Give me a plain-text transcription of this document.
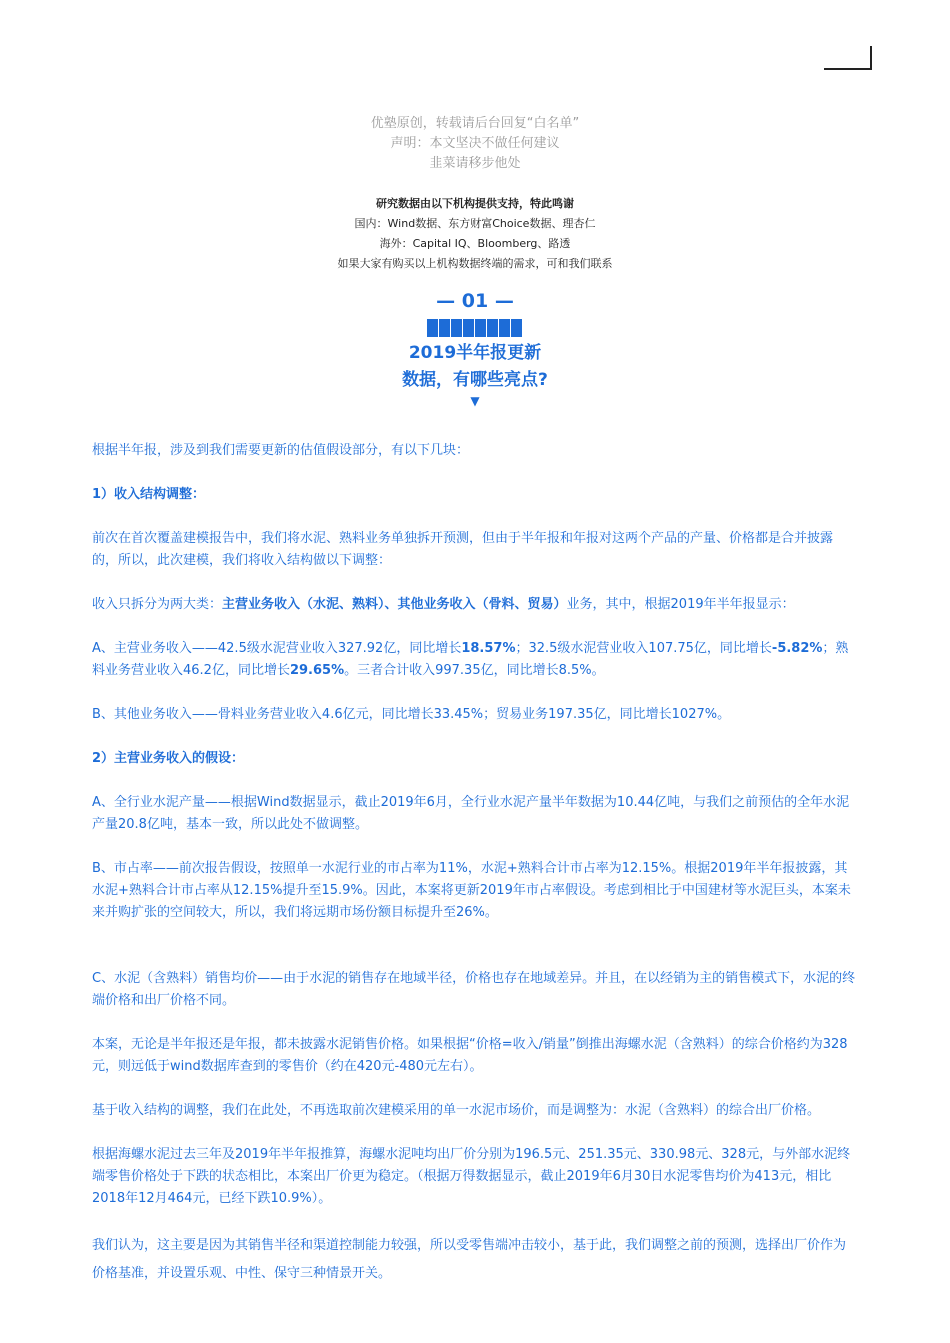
优塾原创，转载请后台回复“白名单”
声明：本文坚决不做任何建议
韭菜请移步他处
研究数据由以下机构提供支持，特此鸣谢
国内：Wind数据、东方财富Choice数据、理杏仁
海外：Capital IQ、Bloomberg、路透
如果大家有购买以上机构数据终端的需求，可和我们联系
— 01 —
2019半年报更新
数据，有哪些亮点?
▼

根据半年报，涉及到我们需要更新的估值假设部分，有以下几块：

1）收入结构调整：

前次在首次覆盖建模报告中，我们将水泥、熟料业务单独拆开预测，但由于半年报和年报对这两个产品的产量、价格都是合并披露的，所以，此次建模，我们将收入结构做以下调整：

收入只拆分为两大类：主营业务收入（水泥、熟料）、其他业务收入（骨料、贸易）业务，其中，根据2019年半年报显示：

A、主营业务收入——42.5级水泥营业收入327.92亿，同比增长18.57%；32.5级水泥营业收入107.75亿，同比增长-5.82%；熟料业务营业收入46.2亿，同比增长29.65%。三者合计收入997.35亿，同比增长8.5%。

B、其他业务收入——骨料业务营业收入4.6亿元，同比增长33.45%；贸易业务197.35亿，同比增长1027%。

2）主营业务收入的假设：

A、全行业水泥产量——根据Wind数据显示，截止2019年6月，全行业水泥产量半年数据为10.44亿吨，与我们之前预估的全年水泥产量20.8亿吨，基本一致，所以此处不做调整。

B、市占率——前次报告假设，按照单一水泥行业的市占率为11%，水泥+熟料合计市占率为12.15%。根据2019年半年报披露，其水泥+熟料合计市占率从12.15%提升至15.9%。因此，本案将更新2019年市占率假设。考虑到相比于中国建材等水泥巨头，本案未来并购扩张的空间较大，所以，我们将远期市场份额目标提升至26%。

C、水泥（含熟料）销售均价——由于水泥的销售存在地域半径，价格也存在地域差异。并且，在以经销为主的销售模式下，水泥的终端价格和出厂价格不同。

本案，无论是半年报还是年报，都未披露水泥销售价格。如果根据“价格=收入/销量”倒推出海螺水泥（含熟料）的综合价格约为328元，则远低于wind数据库查到的零售价（约在420元-480元左右）。

基于收入结构的调整，我们在此处，不再选取前次建模采用的单一水泥市场价，而是调整为：水泥（含熟料）的综合出厂价格。

根据海螺水泥过去三年及2019年半年报推算，海螺水泥吨均出厂价分别为196.5元、251.35元、330.98元、328元，与外部水泥终端零售价格处于下跌的状态相比，本案出厂价更为稳定。（根据万得数据显示，截止2019年6月30日水泥零售均价为413元，相比2018年12月464元，已经下跌10.9%）。

我们认为，这主要是因为其销售半径和渠道控制能力较强，所以受零售端冲击较小，基于此，我们调整之前的预测，选择出厂价作为价格基准，并设置乐观、中性、保守三种情景开关。
